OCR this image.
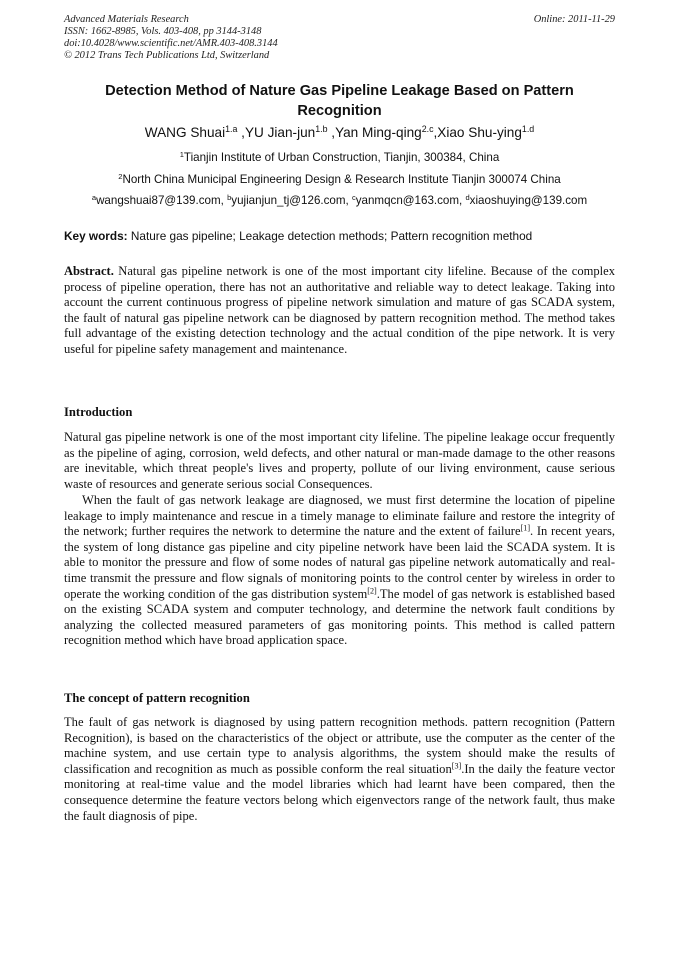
Advanced Materials Research
ISSN: 1662-8985, Vols. 403-408, pp 3144-3148
doi:10.4028/www.scientific.net/AMR.403-408.3144
© 2012 Trans Tech Publications Ltd, Switzerland
Online: 2011-11-29
Detection Method of Nature Gas Pipeline Leakage Based on Pattern Recognition
WANG Shuai$^{1.a}$ ,YU Jian-jun$^{1.b}$ ,Yan Ming-qing$^{2.c}$,Xiao Shu-ying$^{1.d}$
$^1$Tianjin Institute of Urban Construction, Tianjin, 300384, China
$^2$North China Municipal Engineering Design & Research Institute Tianjin 300074 China
$^a$wangshuai87@139.com, $^b$yujianjun_tj@126.com, $^c$yanmqcn@163.com, $^d$xiaoshuying@139.com
Key words: Nature gas pipeline; Leakage detection methods; Pattern recognition method

Abstract. Natural gas pipeline network is one of the most important city lifeline. Because of the complex process of pipeline operation, there has not an authoritative and reliable way to detect leakage. Taking into account the current continuous progress of pipeline network simulation and mature of gas SCADA system, the fault of natural gas pipeline network can be diagnosed by pattern recognition method. The method takes full advantage of the existing detection technology and the actual condition of the pipe network. It is very useful for pipeline safety management and maintenance.

Introduction

Natural gas pipeline network is one of the most important city lifeline. The pipeline leakage occur frequently as the pipeline of aging, corrosion, weld defects, and other natural or man-made damage to the other reasons are inevitable, which threat people's lives and property, pollute of our living environment, cause serious waste of resources and generate serious social Consequences.

When the fault of gas network leakage are diagnosed, we must first determine the location of pipeline leakage to imply maintenance and rescue in a timely manage to eliminate failure and restore the integrity of the network; further requires the network to determine the nature and the extent of failure[1]. In recent years, the system of long distance gas pipeline and city pipeline network have been laid the SCADA system. It is able to monitor the pressure and flow of some nodes of natural gas pipeline network automatically and real-time transmit the pressure and flow signals of monitoring points to the control center by wireless in order to operate the working condition of the gas distribution system[2].The model of gas network is established based on the existing SCADA system and computer technology, and determine the network fault conditions by analyzing the collected measured parameters of gas monitoring points. This method is called pattern recognition method which have broad application space.

The concept of pattern recognition

The fault of gas network is diagnosed by using pattern recognition methods. pattern recognition (Pattern Recognition), is based on the characteristics of the object or attribute, use the computer as the center of the machine system, and use certain type to analysis algorithms, the system should make the results of classification and recognition as much as possible conform the real situation[3].In the daily the feature vector monitoring at real-time value and the model libraries which had learnt have been compared, then the consequence determine the feature vectors belong which eigenvectors range of the network fault, thus make the fault diagnosis of pipe.
